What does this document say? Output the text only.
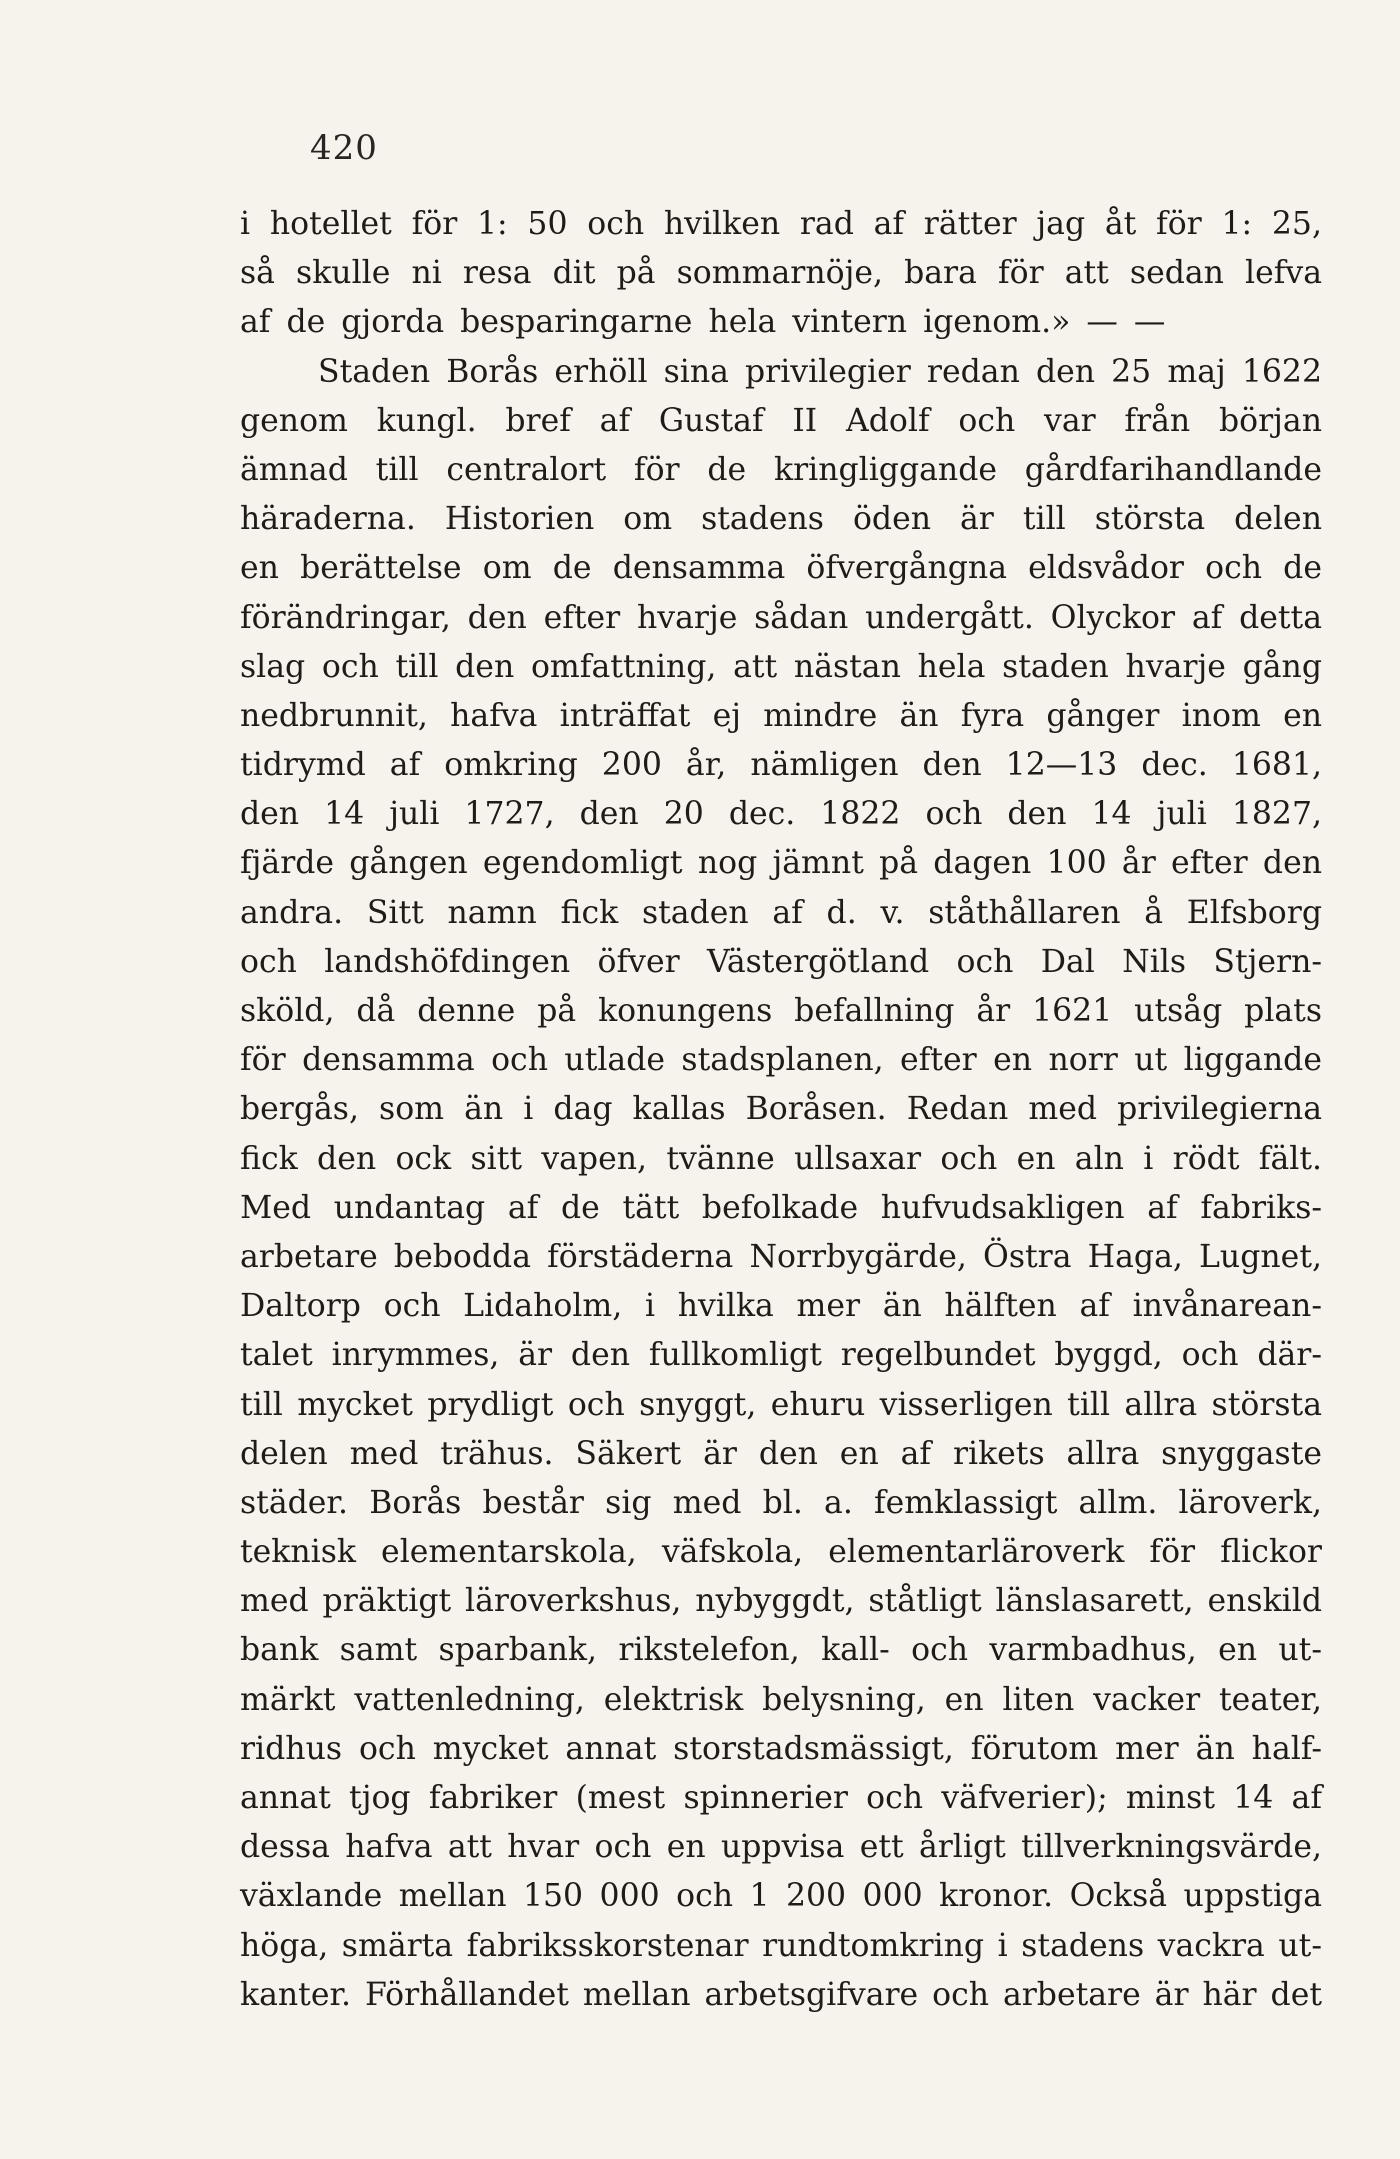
420
i hotellet för 1: 50 och hvilken rad af rätter jag åt för 1: 25,
så skulle ni resa dit på sommarnöje, bara för att sedan lefva
af de gjorda besparingarne hela vintern igenom.» — —
Staden Borås erhöll sina privilegier redan den 25 maj 1622
genom kungl. bref af Gustaf II Adolf och var från början
ämnad till centralort för de kringliggande gårdfarihandlande
häraderna. Historien om stadens öden är till största delen
en berättelse om de densamma öfvergångna eldsvådor och de
förändringar, den efter hvarje sådan undergått. Olyckor af detta
slag och till den omfattning, att nästan hela staden hvarje gång
nedbrunnit, hafva inträffat ej mindre än fyra gånger inom en
tidrymd af omkring 200 år, nämligen den 12—13 dec. 1681,
den 14 juli 1727, den 20 dec. 1822 och den 14 juli 1827,
fjärde gången egendomligt nog jämnt på dagen 100 år efter den
andra. Sitt namn fick staden af d. v. ståthållaren å Elfsborg
och landshöfdingen öfver Västergötland och Dal Nils Stjern-
sköld, då denne på konungens befallning år 1621 utsåg plats
för densamma och utlade stadsplanen, efter en norr ut liggande
bergås, som än i dag kallas Boråsen. Redan med privilegierna
fick den ock sitt vapen, tvänne ullsaxar och en aln i rödt fält.
Med undantag af de tätt befolkade hufvudsakligen af fabriks-
arbetare bebodda förstäderna Norrbygärde, Östra Haga, Lugnet,
Daltorp och Lidaholm, i hvilka mer än hälften af invånarean-
talet inrymmes, är den fullkomligt regelbundet byggd, och där-
till mycket prydligt och snyggt, ehuru visserligen till allra största
delen med trähus. Säkert är den en af rikets allra snyggaste
städer. Borås består sig med bl. a. femklassigt allm. läroverk,
teknisk elementarskola, väfskola, elementarläroverk för flickor
med präktigt läroverkshus, nybyggdt, ståtligt länslasarett, enskild
bank samt sparbank, rikstelefon, kall- och varmbadhus, en ut-
märkt vattenledning, elektrisk belysning, en liten vacker teater,
ridhus och mycket annat storstadsmässigt, förutom mer än half-
annat tjog fabriker (mest spinnerier och väfverier); minst 14 af
dessa hafva att hvar och en uppvisa ett årligt tillverkningsvärde,
växlande mellan 150 000 och 1 200 000 kronor. Också uppstiga
höga, smärta fabriksskorstenar rundtomkring i stadens vackra ut-
kanter. Förhållandet mellan arbetsgifvare och arbetare är här det
